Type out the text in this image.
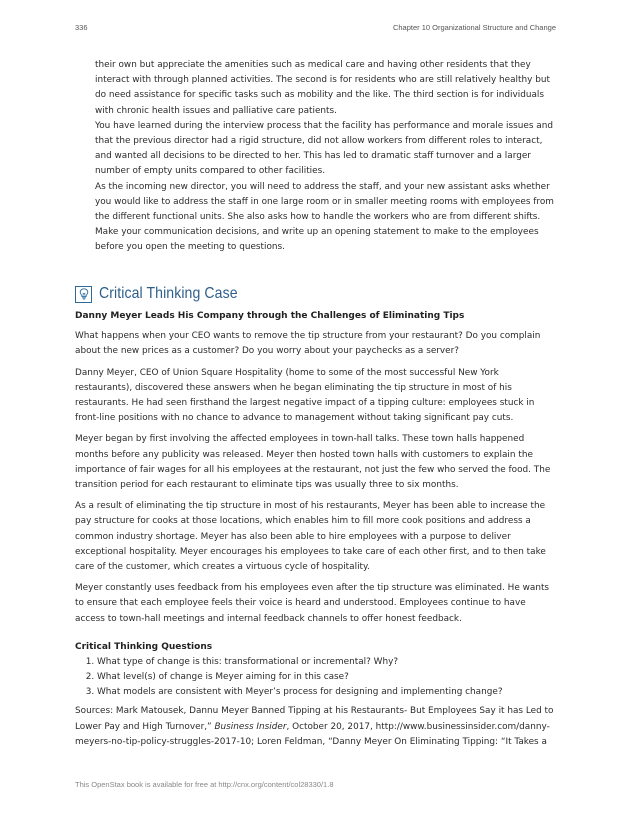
336	Chapter 10 Organizational Structure and Change

their own but appreciate the amenities such as medical care and having other residents that they interact with through planned activities. The second is for residents who are still relatively healthy but do need assistance for specific tasks such as mobility and the like. The third section is for individuals with chronic health issues and palliative care patients.

You have learned during the interview process that the facility has performance and morale issues and that the previous director had a rigid structure, did not allow workers from different roles to interact, and wanted all decisions to be directed to her. This has led to dramatic staff turnover and a larger number of empty units compared to other facilities.

As the incoming new director, you will need to address the staff, and your new assistant asks whether you would like to address the staff in one large room or in smaller meeting rooms with employees from the different functional units. She also asks how to handle the workers who are from different shifts. Make your communication decisions, and write up an opening statement to make to the employees before you open the meeting to questions.

Critical Thinking Case
Danny Meyer Leads His Company through the Challenges of Eliminating Tips

What happens when your CEO wants to remove the tip structure from your restaurant? Do you complain about the new prices as a customer? Do you worry about your paychecks as a server?

Danny Meyer, CEO of Union Square Hospitality (home to some of the most successful New York restaurants), discovered these answers when he began eliminating the tip structure in most of his restaurants. He had seen firsthand the largest negative impact of a tipping culture: employees stuck in front-line positions with no chance to advance to management without taking significant pay cuts.

Meyer began by first involving the affected employees in town-hall talks. These town halls happened months before any publicity was released. Meyer then hosted town halls with customers to explain the importance of fair wages for all his employees at the restaurant, not just the few who served the food. The transition period for each restaurant to eliminate tips was usually three to six months.

As a result of eliminating the tip structure in most of his restaurants, Meyer has been able to increase the pay structure for cooks at those locations, which enables him to fill more cook positions and address a common industry shortage. Meyer has also been able to hire employees with a purpose to deliver exceptional hospitality. Meyer encourages his employees to take care of each other first, and to then take care of the customer, which creates a virtuous cycle of hospitality.

Meyer constantly uses feedback from his employees even after the tip structure was eliminated. He wants to ensure that each employee feels their voice is heard and understood. Employees continue to have access to town-hall meetings and internal feedback channels to offer honest feedback.

Critical Thinking Questions
1. What type of change is this: transformational or incremental? Why?
2. What level(s) of change is Meyer aiming for in this case?
3. What models are consistent with Meyer’s process for designing and implementing change?

Sources: Mark Matousek, Dannu Meyer Banned Tipping at his Restaurants- But Employees Say it has Led to Lower Pay and High Turnover,” Business Insider, October 20, 2017, http://www.businessinsider.com/danny-meyers-no-tip-policy-struggles-2017-10; Loren Feldman, “Danny Meyer On Eliminating Tipping: “It Takes a

This OpenStax book is available for free at http://cnx.org/content/col28330/1.8
